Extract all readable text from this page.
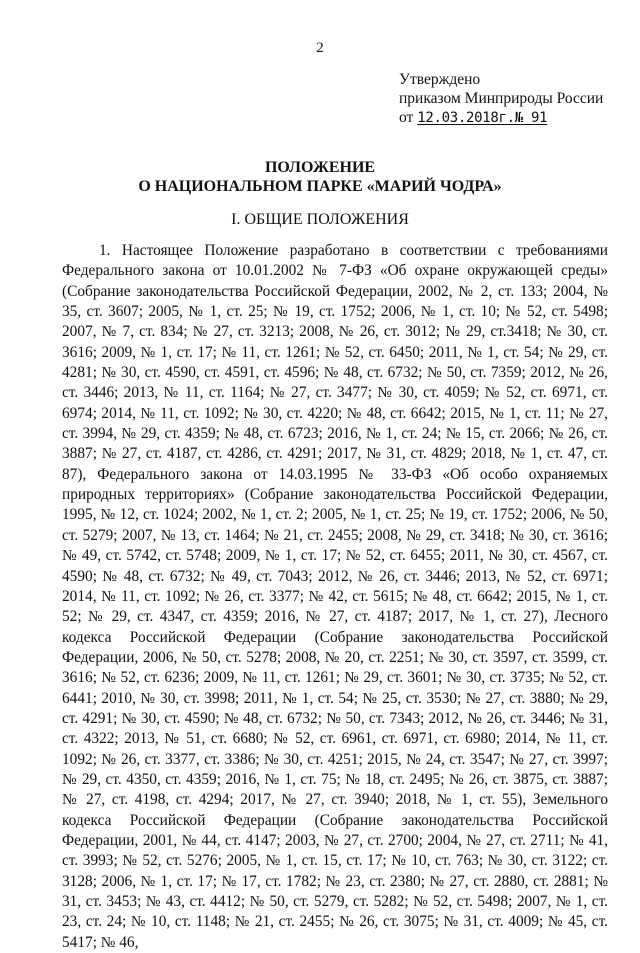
2
Утверждено
приказом Минприроды России
от 12.03.2018г.№ 91
ПОЛОЖЕНИЕ
О НАЦИОНАЛЬНОМ ПАРКЕ «МАРИЙ ЧОДРА»
I. ОБЩИЕ ПОЛОЖЕНИЯ

1. Настоящее Положение разработано в соответствии с требованиями Федерального закона от 10.01.2002 № 7-ФЗ «Об охране окружающей среды» (Собрание законодательства Российской Федерации, 2002, № 2, ст. 133; 2004, № 35, ст. 3607; 2005, № 1, ст. 25; № 19, ст. 1752; 2006, № 1, ст. 10; № 52, ст. 5498; 2007, № 7, ст. 834; № 27, ст. 3213; 2008, № 26, ст. 3012; № 29, ст.3418; № 30, ст. 3616; 2009, № 1, ст. 17; № 11, ст. 1261; № 52, ст. 6450; 2011, № 1, ст. 54; № 29, ст. 4281; № 30, ст. 4590, ст. 4591, ст. 4596; № 48, ст. 6732; № 50, ст. 7359; 2012, № 26, ст. 3446; 2013, № 11, ст. 1164; № 27, ст. 3477; № 30, ст. 4059; № 52, ст. 6971, ст. 6974; 2014, № 11, ст. 1092; № 30, ст. 4220; № 48, ст. 6642; 2015, № 1, ст. 11; № 27, ст. 3994, № 29, ст. 4359; № 48, ст. 6723; 2016, № 1, ст. 24; № 15, ст. 2066; № 26, ст. 3887; № 27, ст. 4187, ст. 4286, ст. 4291; 2017, № 31, ст. 4829; 2018, № 1, ст. 47, ст. 87), Федерального закона от 14.03.1995 № 33-ФЗ «Об особо охраняемых природных территориях» (Собрание законодательства Российской Федерации, 1995, № 12, ст. 1024; 2002, № 1, ст. 2; 2005, № 1, ст. 25; № 19, ст. 1752; 2006, № 50, ст. 5279; 2007, № 13, ст. 1464; № 21, ст. 2455; 2008, № 29, ст. 3418; № 30, ст. 3616; № 49, ст. 5742, ст. 5748; 2009, № 1, ст. 17; № 52, ст. 6455; 2011, № 30, ст. 4567, ст. 4590; № 48, ст. 6732; № 49, ст. 7043; 2012, № 26, ст. 3446; 2013, № 52, ст. 6971; 2014, № 11, ст. 1092; № 26, ст. 3377; № 42, ст. 5615; № 48, ст. 6642; 2015, № 1, ст. 52; № 29, ст. 4347, ст. 4359; 2016, № 27, ст. 4187; 2017, № 1, ст. 27), Лесного кодекса Российской Федерации (Собрание законодательства Российской Федерации, 2006, № 50, ст. 5278; 2008, № 20, ст. 2251; № 30, ст. 3597, ст. 3599, ст. 3616; № 52, ст. 6236; 2009, № 11, ст. 1261; № 29, ст. 3601; № 30, ст. 3735; № 52, ст. 6441; 2010, № 30, ст. 3998; 2011, № 1, ст. 54; № 25, ст. 3530; № 27, ст. 3880; № 29, ст. 4291; № 30, ст. 4590; № 48, ст. 6732; № 50, ст. 7343; 2012, № 26, ст. 3446; № 31, ст. 4322; 2013, № 51, ст. 6680; № 52, ст. 6961, ст. 6971, ст. 6980; 2014, № 11, ст. 1092; № 26, ст. 3377, ст. 3386; № 30, ст. 4251; 2015, № 24, ст. 3547; № 27, ст. 3997; № 29, ст. 4350, ст. 4359; 2016, № 1, ст. 75; № 18, ст. 2495; № 26, ст. 3875, ст. 3887; № 27, ст. 4198, ст. 4294; 2017, № 27, ст. 3940; 2018, № 1, ст. 55), Земельного кодекса Российской Федерации (Собрание законодательства Российской Федерации, 2001, № 44, ст. 4147; 2003, № 27, ст. 2700; 2004, № 27, ст. 2711; № 41, ст. 3993; № 52, ст. 5276; 2005, № 1, ст. 15, ст. 17; № 10, ст. 763; № 30, ст. 3122; ст. 3128; 2006, № 1, ст. 17; № 17, ст. 1782; № 23, ст. 2380; № 27, ст. 2880, ст. 2881; № 31, ст. 3453; № 43, ст. 4412; № 50, ст. 5279, ст. 5282; № 52, ст. 5498; 2007, № 1, ст. 23, ст. 24; № 10, ст. 1148; № 21, ст. 2455; № 26, ст. 3075; № 31, ст. 4009; № 45, ст. 5417; № 46,
